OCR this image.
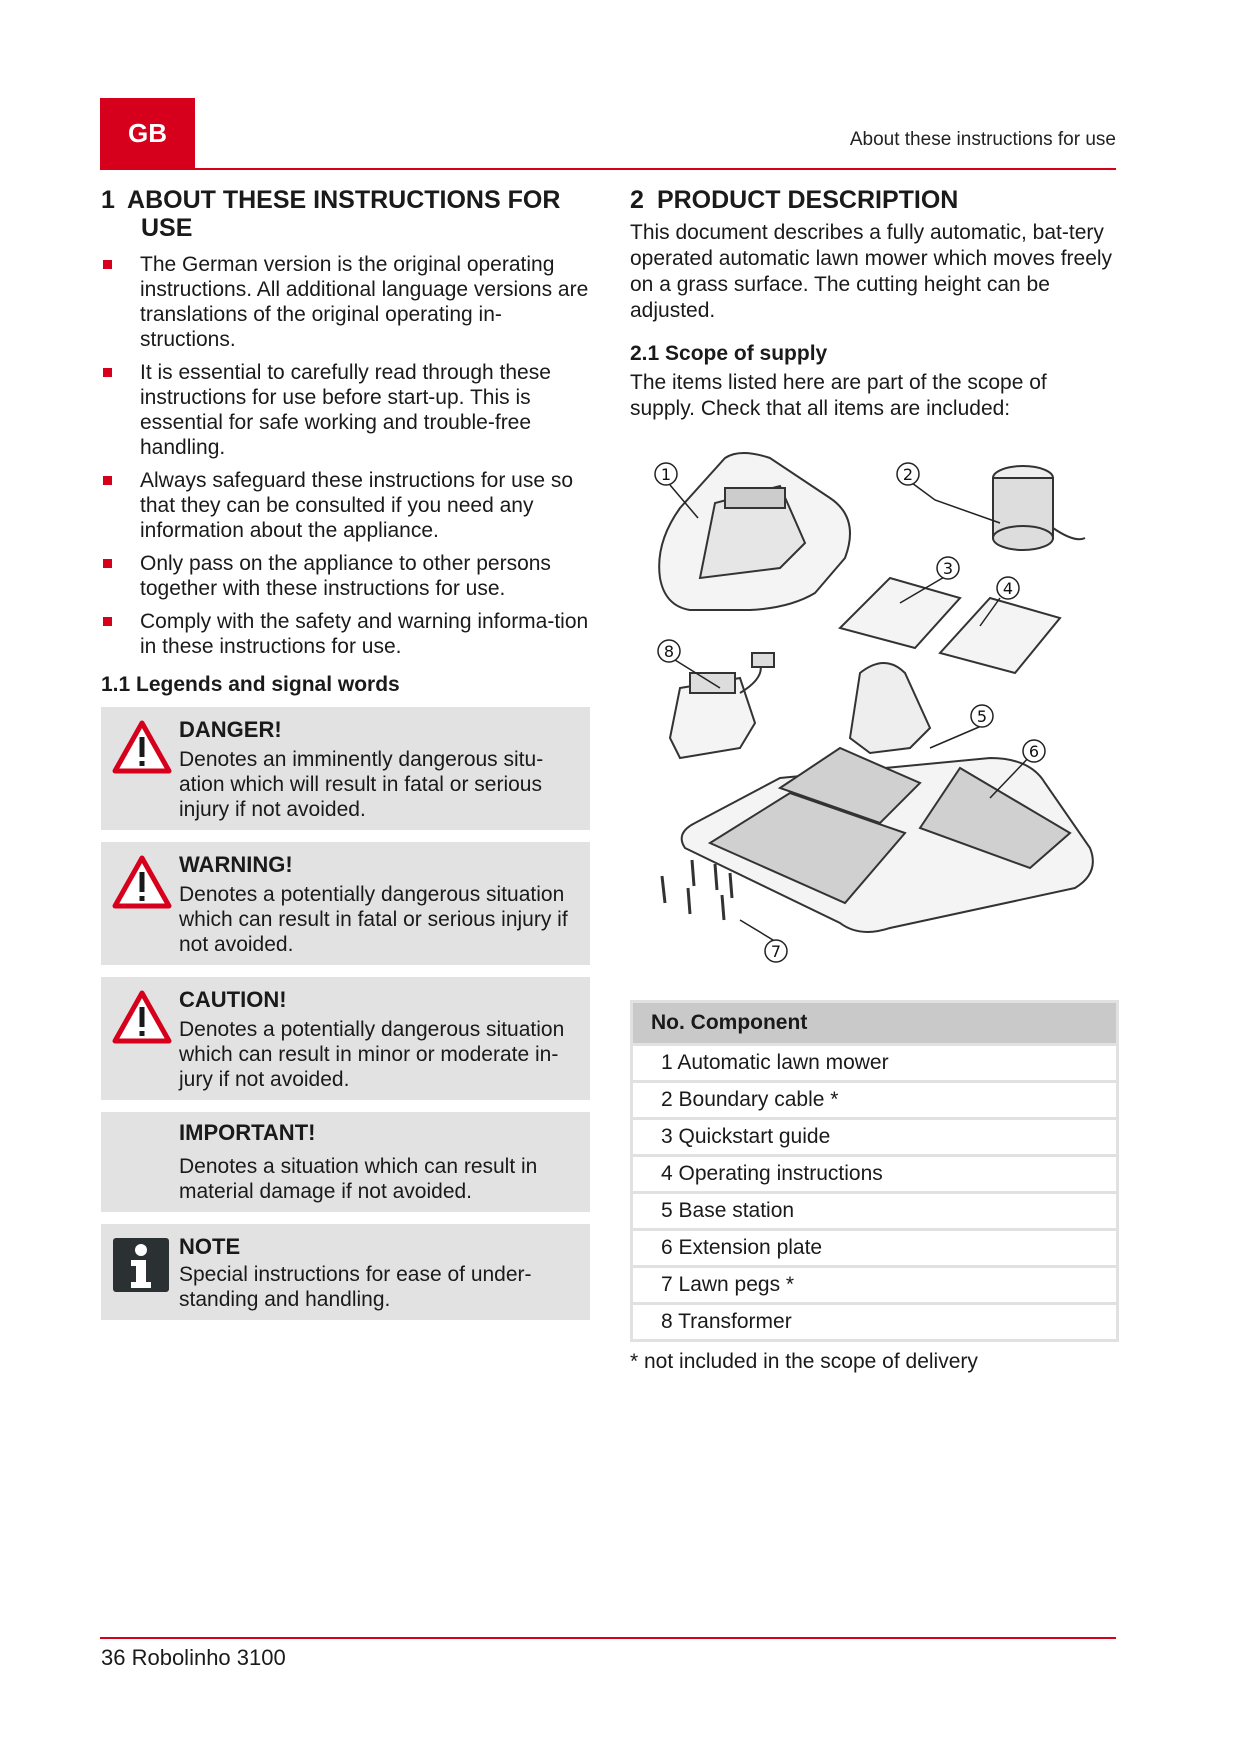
GB	About these instructions for use
1 ABOUT THESE INSTRUCTIONS FOR
USE
The German version is the original operating instructions. All additional language versions are translations of the original operating in-structions.
It is essential to carefully read through these instructions for use before start-up. This is essential for safe working and trouble-free handling.
Always safeguard these instructions for use so that they can be consulted if you need any information about the appliance.
Only pass on the appliance to other persons together with these instructions for use.
Comply with the safety and warning informa-tion in these instructions for use.
1.1 Legends and signal words
DANGER!
Denotes an imminently dangerous situ-ation which will result in fatal or serious injury if not avoided.
WARNING!
Denotes a potentially dangerous situation which can result in fatal or serious injury if not avoided.
CAUTION!
Denotes a potentially dangerous situation which can result in minor or moderate in-jury if not avoided.
IMPORTANT!
Denotes a situation which can result in material damage if not avoided.
NOTE
Special instructions for ease of under-standing and handling.
2 PRODUCT DESCRIPTION

This document describes a fully automatic, bat-tery operated automatic lawn mower which moves freely on a grass surface. The cutting height can be adjusted.

2.1 Scope of supply

The items listed here are part of the scope of supply. Check that all items are included:

1	2
3
4
8
5
6
7
No. Component
1 Automatic lawn mower
2 Boundary cable *
3 Quickstart guide
4 Operating instructions
5 Base station
6 Extension plate
7 Lawn pegs *
8 Transformer
* not included in the scope of delivery
36 Robolinho 3100
